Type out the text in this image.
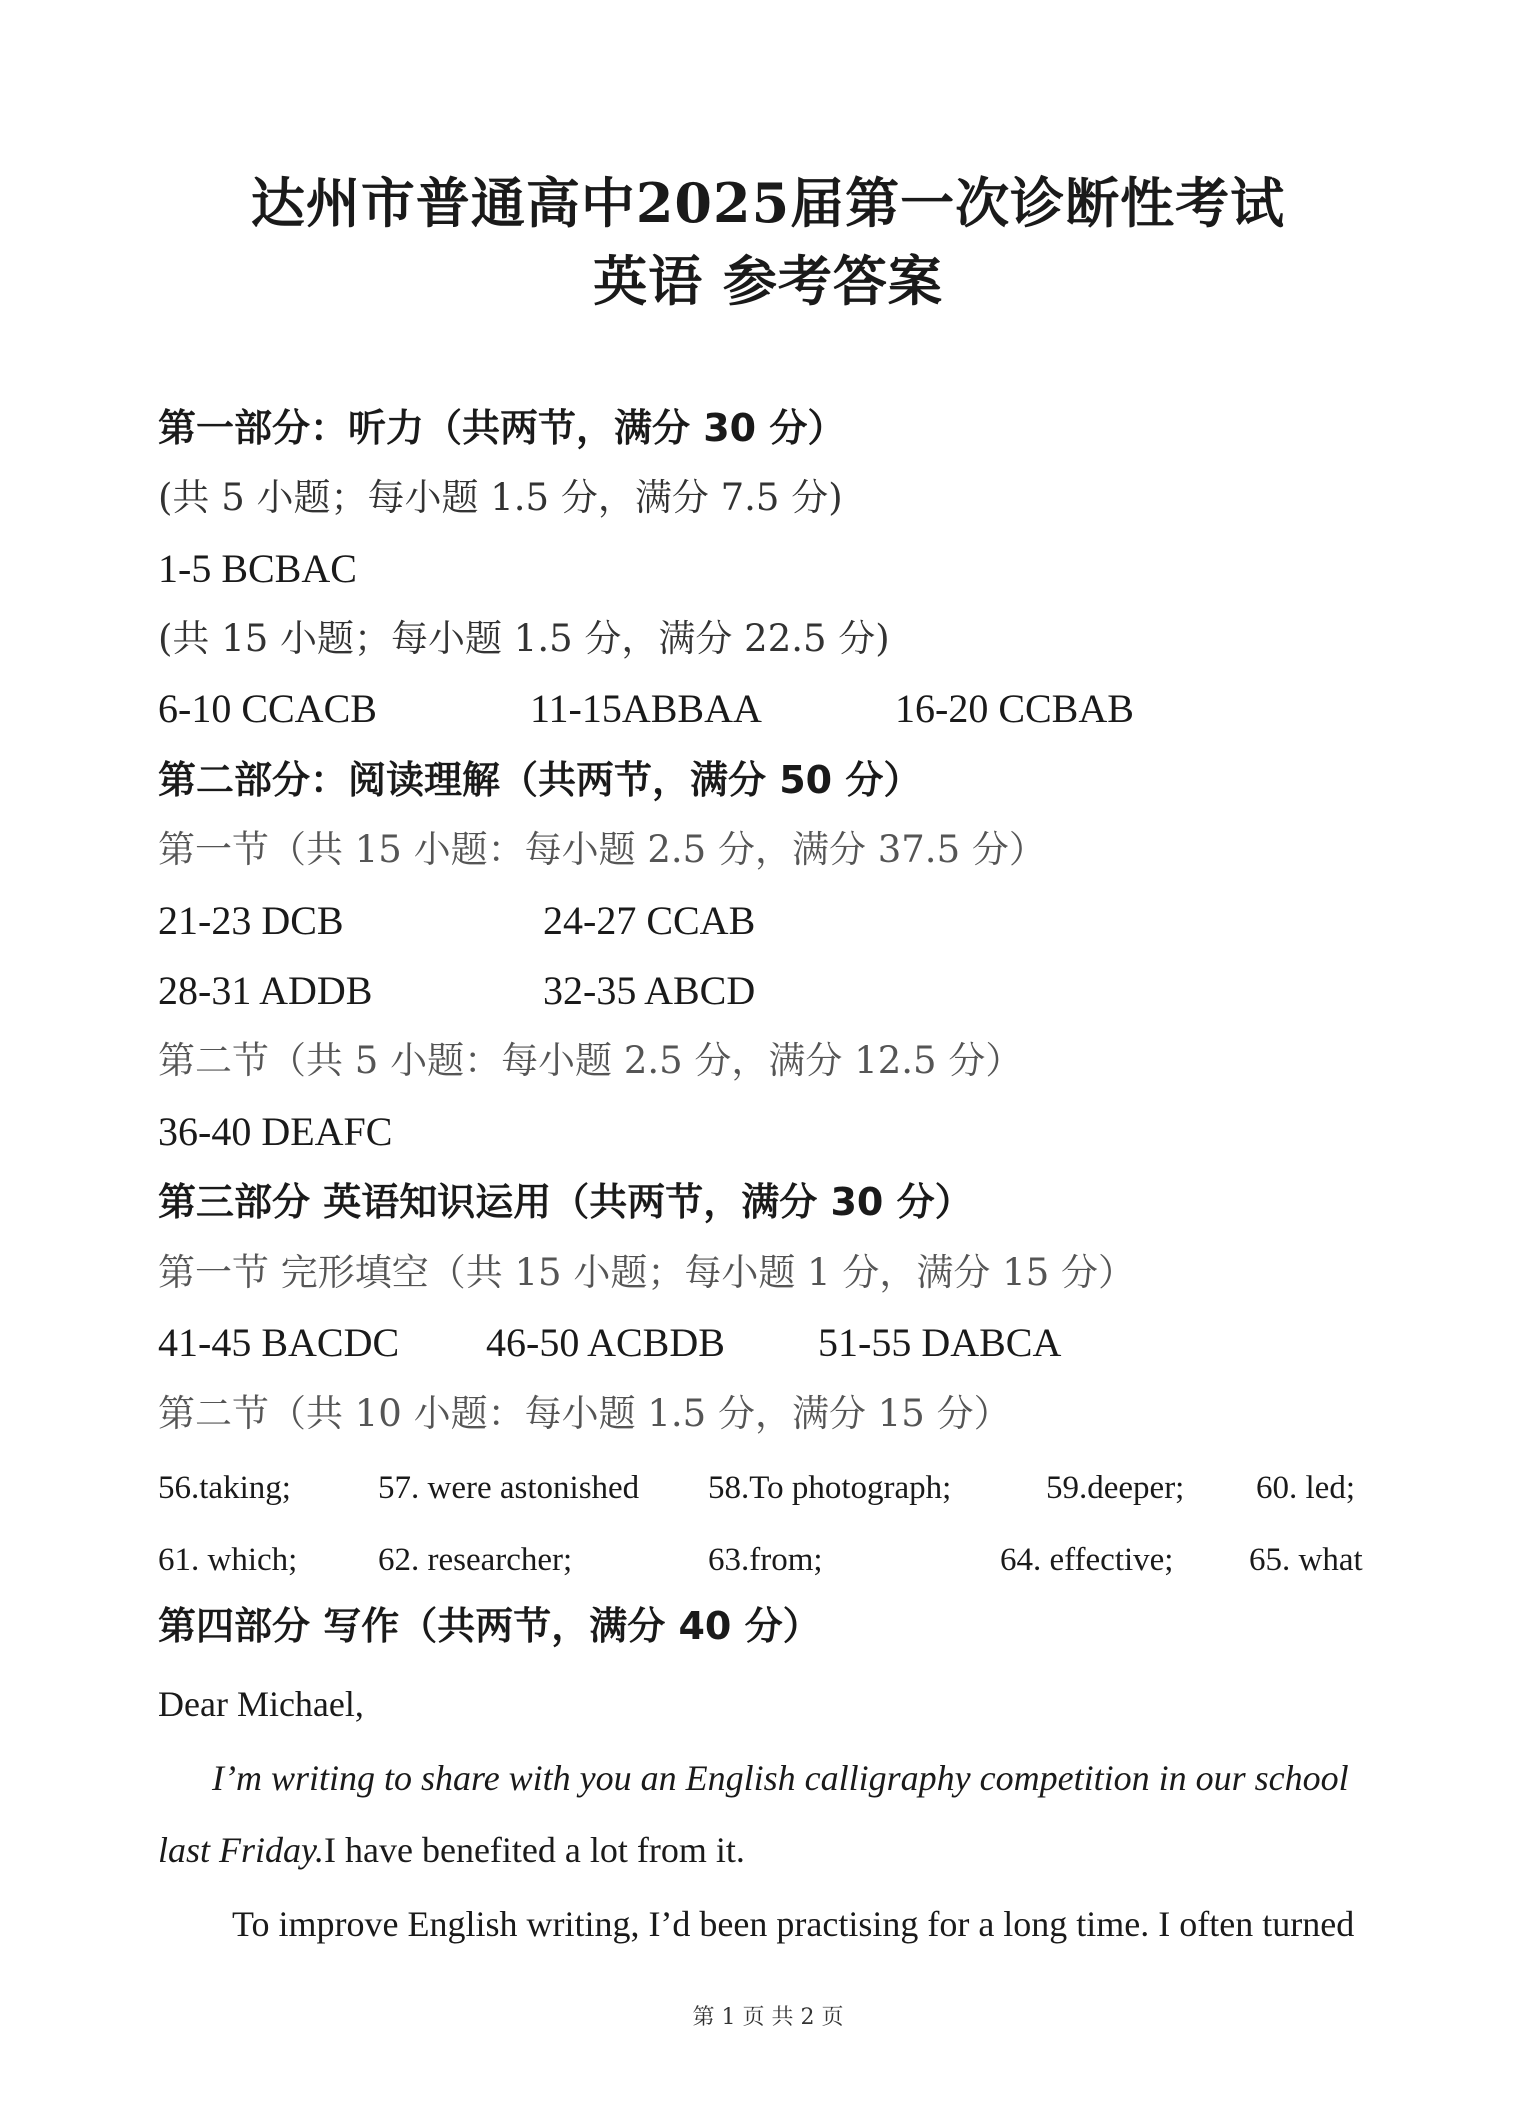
达州市普通高中2025届第一次诊断性考试
英语 参考答案
第一部分：听力（共两节，满分 30 分）
(共 5 小题；每小题 1.5 分，满分 7.5 分)
1-5 BCBAC
(共 15 小题；每小题 1.5 分，满分 22.5 分)
6-10 CCACB	11-15ABBAA	16-20 CCBAB
第二部分：阅读理解（共两节，满分 50 分）
第一节（共 15 小题：每小题 2.5 分，满分 37.5 分）
21-23 DCB	24-27 CCAB
28-31 ADDB	32-35 ABCD
第二节（共 5 小题：每小题 2.5 分，满分 12.5 分）
36-40 DEAFC
第三部分 英语知识运用（共两节，满分 30 分）
第一节 完形填空（共 15 小题；每小题 1 分，满分 15 分）
41-45 BACDC 46-50 ACBDB 51-55 DABCA
第二节（共 10 小题：每小题 1.5 分，满分 15 分）
56.taking;	57. were astonished 58.To photograph;	59.deeper; 60. led;
61. which; 62. researcher;	63.from;	64. effective; 65. what
第四部分 写作（共两节，满分 40 分）
Dear Michael,
I’m writing to share with you an English calligraphy competition in our school
last Friday.I have benefited a lot from it.
To improve English writing, I’d been practising for a long time. I often turned
第 1 页 共 2 页
